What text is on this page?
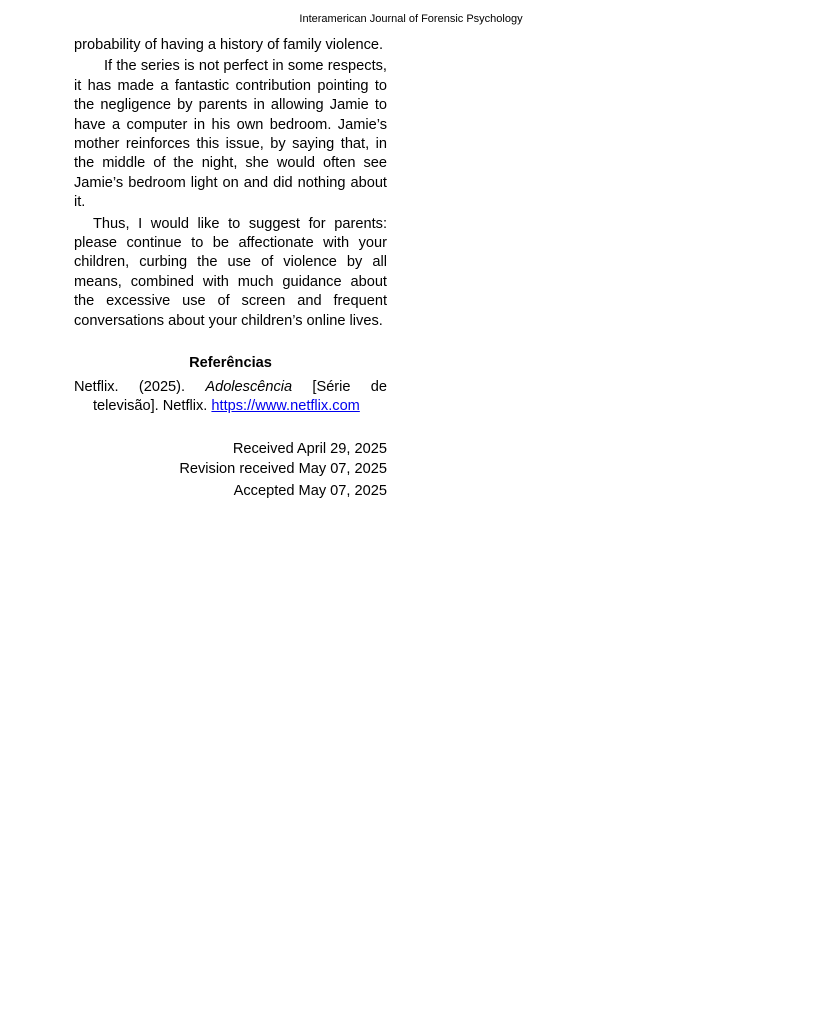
Interamerican Journal of Forensic Psychology

probability of having a history of family violence.

If the series is not perfect in some respects, it has made a fantastic contribution pointing to the negligence by parents in allowing Jamie to have a computer in his own bedroom. Jamie’s mother reinforces this issue, by saying that, in the middle of the night, she would often see Jamie’s bedroom light on and did nothing about it.

Thus, I would like to suggest for parents: please continue to be affectionate with your children, curbing the use of violence by all means, combined with much guidance about the excessive use of screen and frequent conversations about your children’s online lives.

Referências

Netflix. (2025). Adolescência [Série de televisão]. Netflix. https://www.netflix.com

Received April 29, 2025
Revision received May 07, 2025
Accepted May 07, 2025
